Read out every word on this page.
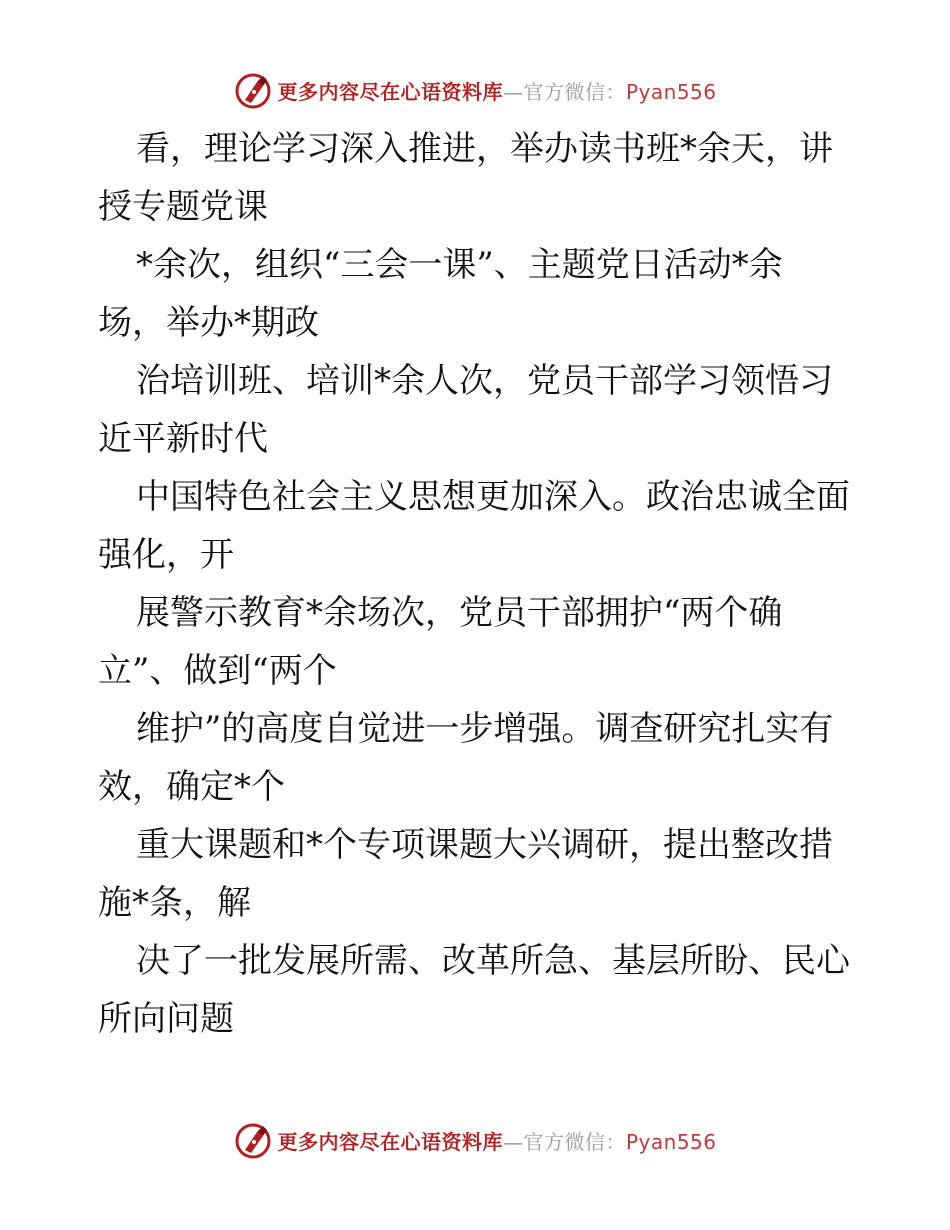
更多内容尽在心语资料库—官方微信：Pyan556
看，理论学习深入推进，举办读书班*余天，讲
授专题党课
*余次，组织“三会一课”、主题党日活动*余
场，举办*期政
治培训班、培训*余人次，党员干部学习领悟习
近平新时代
中国特色社会主义思想更加深入。政治忠诚全面
强化，开
展警示教育*余场次，党员干部拥护“两个确
立”、做到“两个
维护”的高度自觉进一步增强。调查研究扎实有
效，确定*个
重大课题和*个专项课题大兴调研，提出整改措
施*条，解
决了一批发展所需、改革所急、基层所盼、民心
所向问题
更多内容尽在心语资料库—官方微信：Pyan556
